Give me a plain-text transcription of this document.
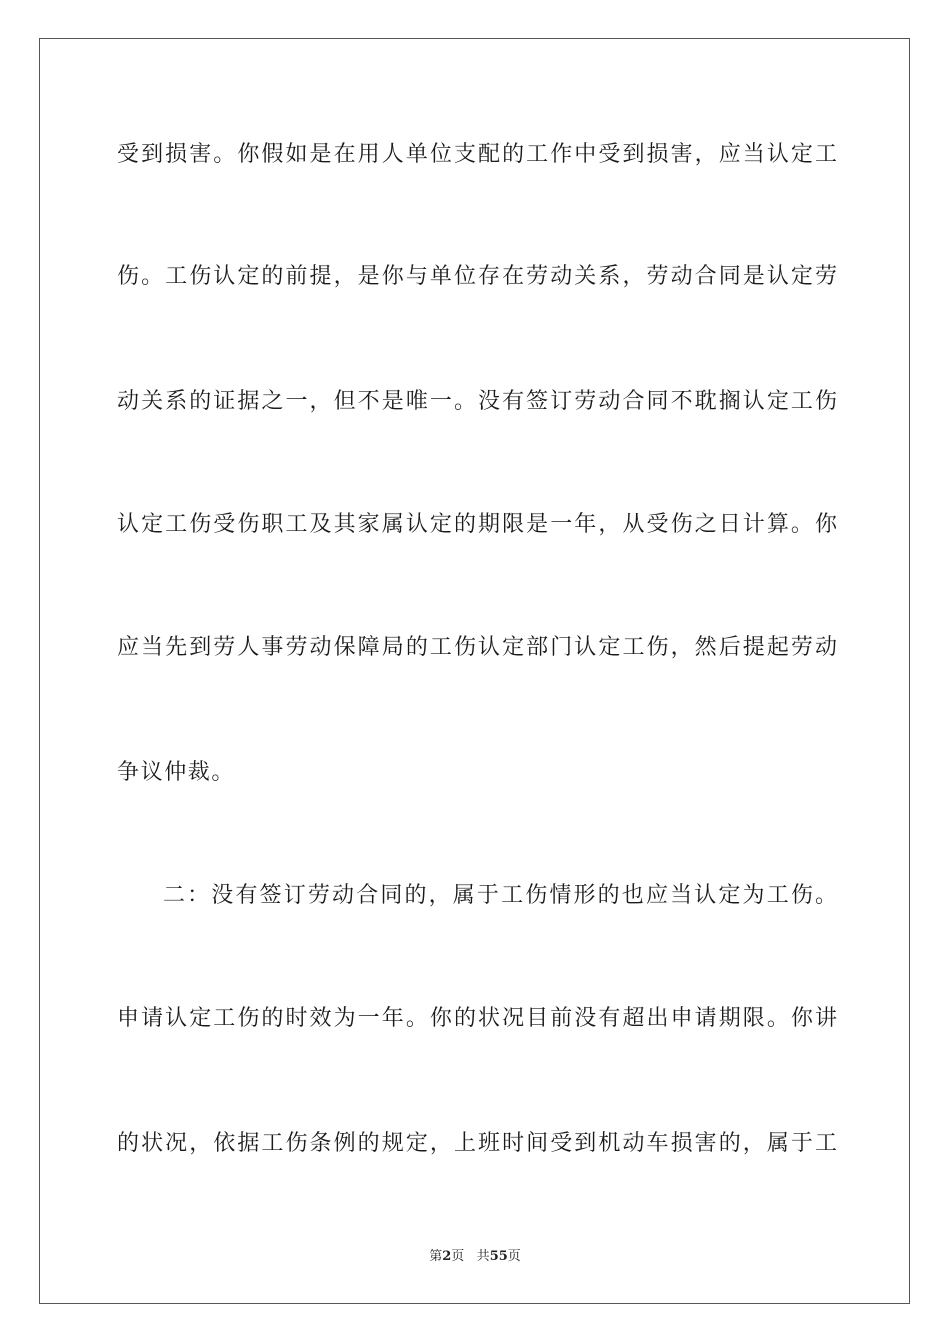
受到损害。你假如是在用人单位支配的工作中受到损害，应当认定工
伤。工伤认定的前提，是你与单位存在劳动关系，劳动合同是认定劳
动关系的证据之一，但不是唯一。没有签订劳动合同不耽搁认定工伤
认定工伤受伤职工及其家属认定的期限是一年，从受伤之日计算。你
应当先到劳人事劳动保障局的工伤认定部门认定工伤，然后提起劳动
争议仲裁。
二：没有签订劳动合同的，属于工伤情形的也应当认定为工伤。
申请认定工伤的时效为一年。你的状况目前没有超出申请期限。你讲
的状况，依据工伤条例的规定，上班时间受到机动车损害的，属于工
第2页 共55页
